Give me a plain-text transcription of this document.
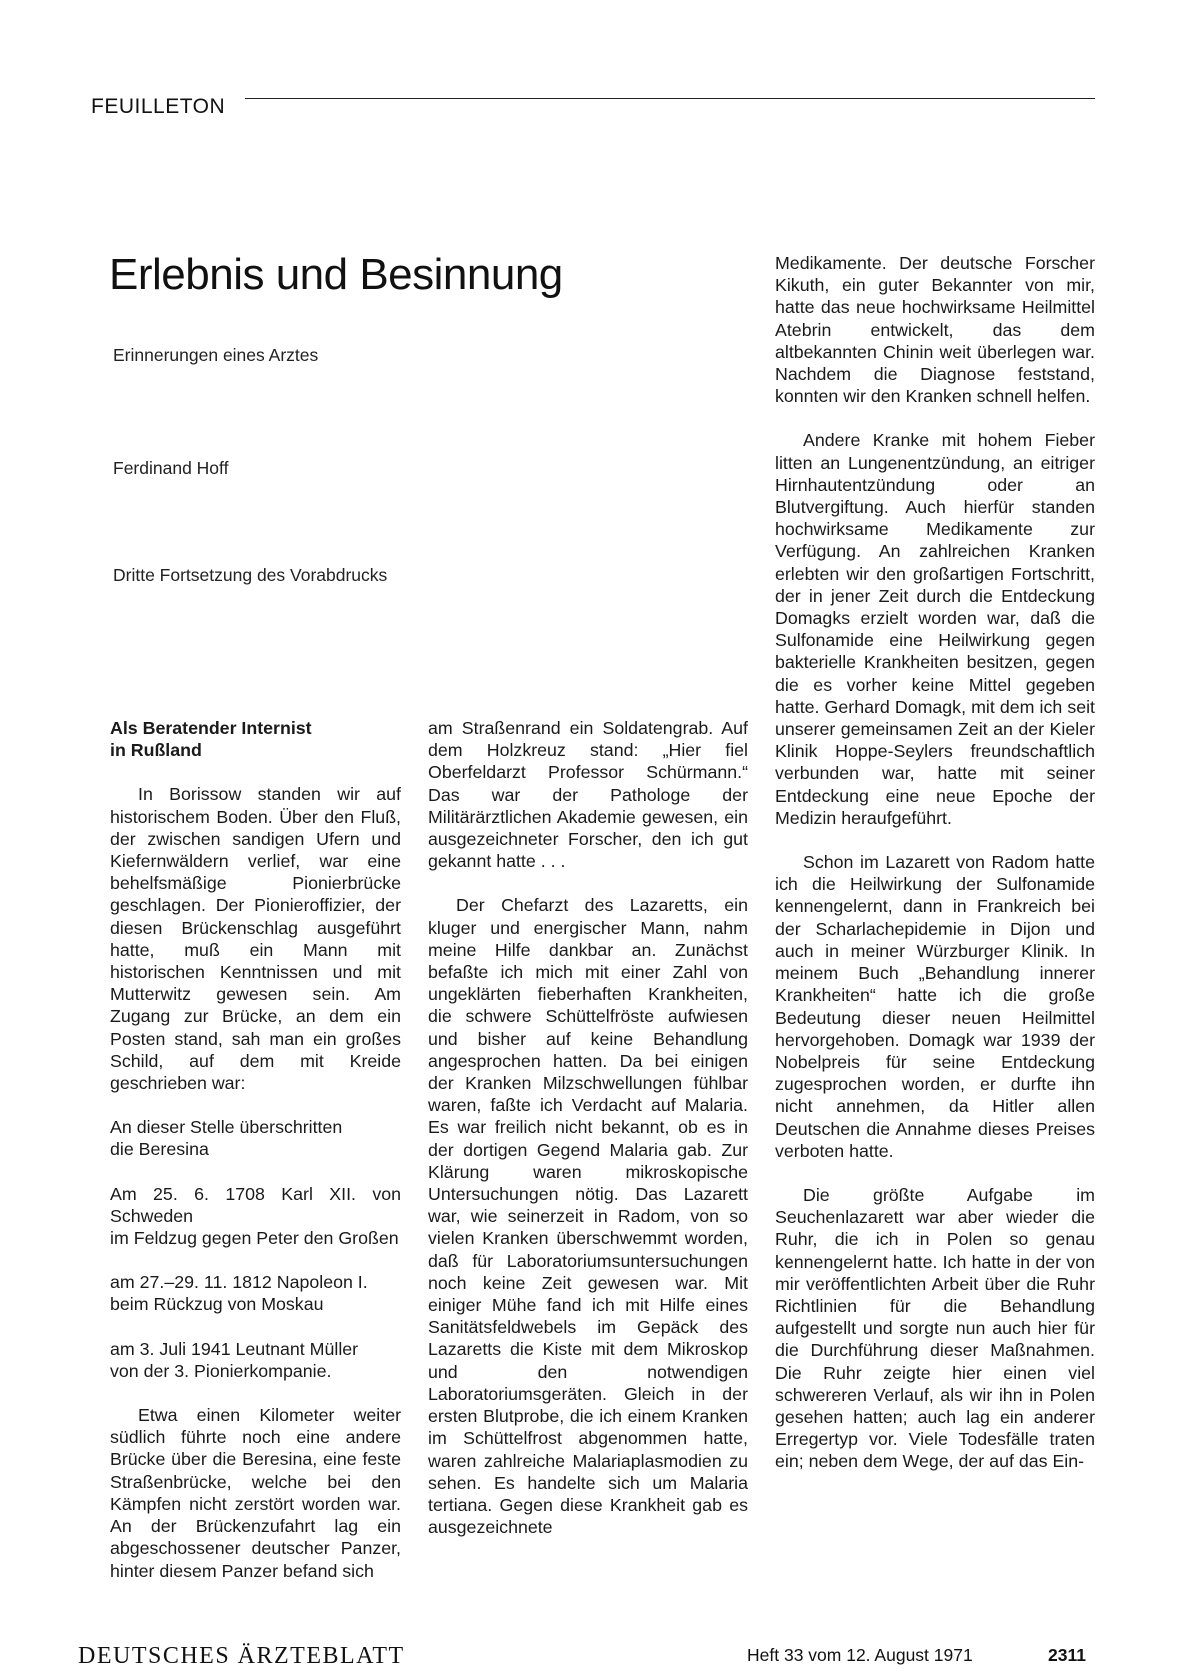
FEUILLETON
Erlebnis und Besinnung
Erinnerungen eines Arztes
Ferdinand Hoff
Dritte Fortsetzung des Vorabdrucks
Als Beratender Internist
in Rußland

In Borissow standen wir auf historischem Boden. Über den Fluß, der zwischen sandigen Ufern und Kiefernwäldern verlief, war eine behelfsmäßige Pionierbrücke geschlagen. Der Pionieroffizier, der diesen Brückenschlag ausgeführt hatte, muß ein Mann mit historischen Kenntnissen und mit Mutterwitz gewesen sein. Am Zugang zur Brücke, an dem ein Posten stand, sah man ein großes Schild, auf dem mit Kreide geschrieben war:

An dieser Stelle überschritten
die Beresina
Am 25. 6. 1708 Karl XII. von Schweden
im Feldzug gegen Peter den Großen
am 27.–29. 11. 1812 Napoleon I.
beim Rückzug von Moskau
am 3. Juli 1941 Leutnant Müller
von der 3. Pionierkompanie.

Etwa einen Kilometer weiter südlich führte noch eine andere Brücke über die Beresina, eine feste Straßenbrücke, welche bei den Kämpfen nicht zerstört worden war. An der Brückenzufahrt lag ein abgeschossener deutscher Panzer, hinter diesem Panzer befand sich

am Straßenrand ein Soldatengrab. Auf dem Holzkreuz stand: „Hier fiel Oberfeldarzt Professor Schürmann.“ Das war der Pathologe der Militärärztlichen Akademie gewesen, ein ausgezeichneter Forscher, den ich gut gekannt hatte . . .

Der Chefarzt des Lazaretts, ein kluger und energischer Mann, nahm meine Hilfe dankbar an. Zunächst befaßte ich mich mit einer Zahl von ungeklärten fieberhaften Krankheiten, die schwere Schüttelfröste aufwiesen und bisher auf keine Behandlung angesprochen hatten. Da bei einigen der Kranken Milzschwellungen fühlbar waren, faßte ich Verdacht auf Malaria. Es war freilich nicht bekannt, ob es in der dortigen Gegend Malaria gab. Zur Klärung waren mikroskopische Untersuchungen nötig. Das Lazarett war, wie seinerzeit in Radom, von so vielen Kranken überschwemmt worden, daß für Laboratoriumsuntersuchungen noch keine Zeit gewesen war. Mit einiger Mühe fand ich mit Hilfe eines Sanitätsfeldwebels im Gepäck des Lazaretts die Kiste mit dem Mikroskop und den notwendigen Laboratoriumsgeräten. Gleich in der ersten Blutprobe, die ich einem Kranken im Schüttelfrost abgenommen hatte, waren zahlreiche Malariaplasmodien zu sehen. Es handelte sich um Malaria tertiana. Gegen diese Krankheit gab es ausgezeichnete

Medikamente. Der deutsche Forscher Kikuth, ein guter Bekannter von mir, hatte das neue hochwirksame Heilmittel Atebrin entwickelt, das dem altbekannten Chinin weit überlegen war. Nachdem die Diagnose feststand, konnten wir den Kranken schnell helfen.

Andere Kranke mit hohem Fieber litten an Lungenentzündung, an eitriger Hirnhautentzündung oder an Blutvergiftung. Auch hierfür standen hochwirksame Medikamente zur Verfügung. An zahlreichen Kranken erlebten wir den großartigen Fortschritt, der in jener Zeit durch die Entdeckung Domagks erzielt worden war, daß die Sulfonamide eine Heilwirkung gegen bakterielle Krankheiten besitzen, gegen die es vorher keine Mittel gegeben hatte. Gerhard Domagk, mit dem ich seit unserer gemeinsamen Zeit an der Kieler Klinik Hoppe-Seylers freundschaftlich verbunden war, hatte mit seiner Entdeckung eine neue Epoche der Medizin heraufgeführt.

Schon im Lazarett von Radom hatte ich die Heilwirkung der Sulfonamide kennengelernt, dann in Frankreich bei der Scharlachepidemie in Dijon und auch in meiner Würzburger Klinik. In meinem Buch „Behandlung innerer Krankheiten“ hatte ich die große Bedeutung dieser neuen Heilmittel hervorgehoben. Domagk war 1939 der Nobelpreis für seine Entdeckung zugesprochen worden, er durfte ihn nicht annehmen, da Hitler allen Deutschen die Annahme dieses Preises verboten hatte.

Die größte Aufgabe im Seuchenlazarett war aber wieder die Ruhr, die ich in Polen so genau kennengelernt hatte. Ich hatte in der von mir veröffentlichten Arbeit über die Ruhr Richtlinien für die Behandlung aufgestellt und sorgte nun auch hier für die Durchführung dieser Maßnahmen. Die Ruhr zeigte hier einen viel schwereren Verlauf, als wir ihn in Polen gesehen hatten; auch lag ein anderer Erregertyp vor. Viele Todesfälle traten ein; neben dem Wege, der auf das Ein-

DEUTSCHES ÄRZTEBLATT	Heft 33 vom 12. August 1971	2311
